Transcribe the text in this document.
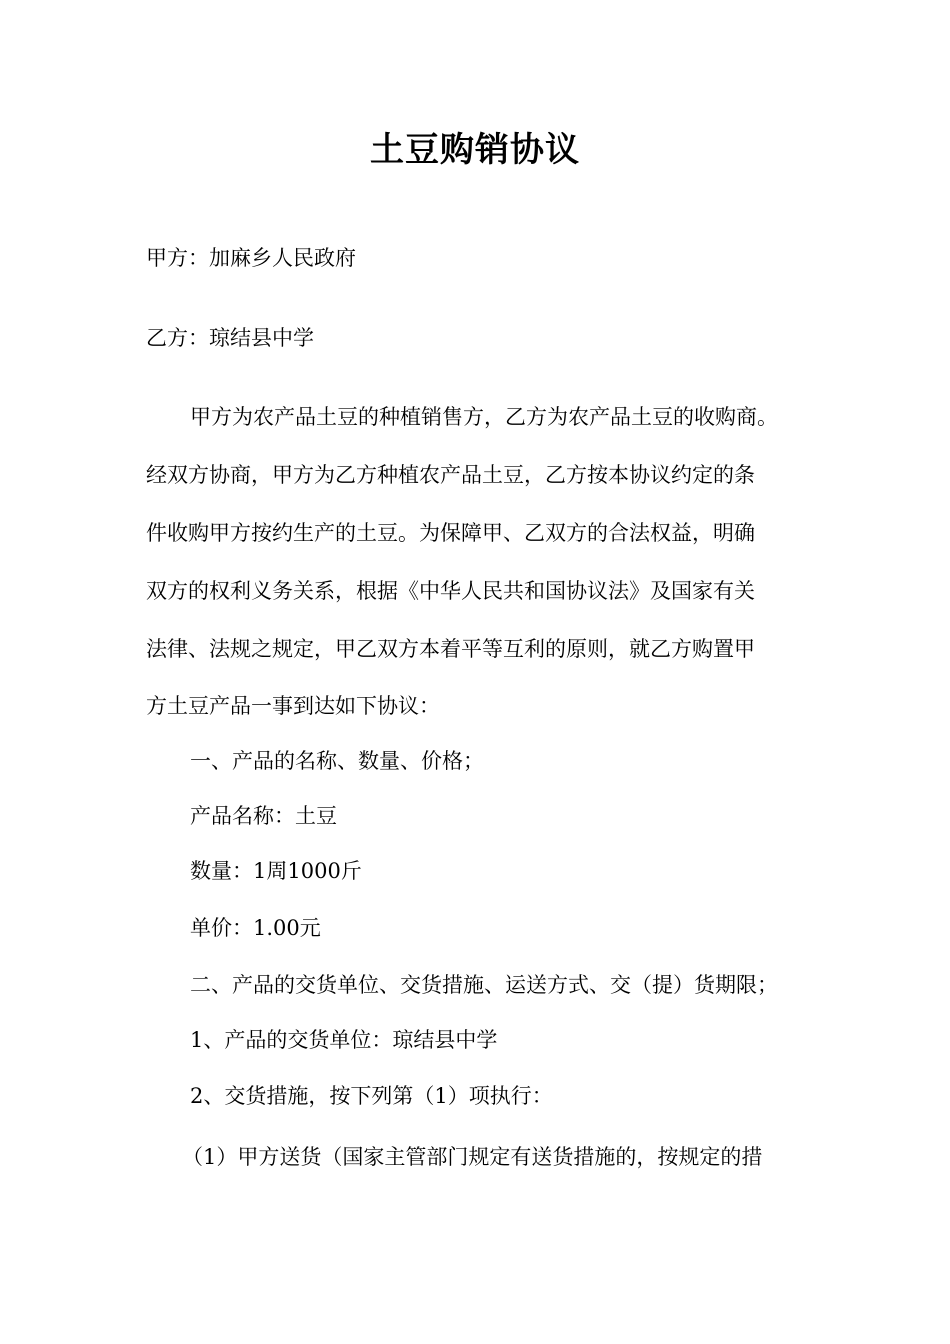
土豆购销协议
甲方：加麻乡人民政府
乙方：琼结县中学
甲方为农产品土豆的种植销售方，乙方为农产品土豆的收购商。
经双方协商，甲方为乙方种植农产品土豆，乙方按本协议约定的条
件收购甲方按约生产的土豆。为保障甲、乙双方的合法权益，明确
双方的权利义务关系，根据《中华人民共和国协议法》及国家有关
法律、法规之规定，甲乙双方本着平等互利的原则，就乙方购置甲
方土豆产品一事到达如下协议：
一、产品的名称、数量、价格；
产品名称：土豆
数量：1周1000斤
单价：1.00元
二、产品的交货单位、交货措施、运送方式、交（提）货期限；
1、产品的交货单位：琼结县中学
2、交货措施，按下列第（1）项执行：
（1）甲方送货（国家主管部门规定有送货措施的，按规定的措
